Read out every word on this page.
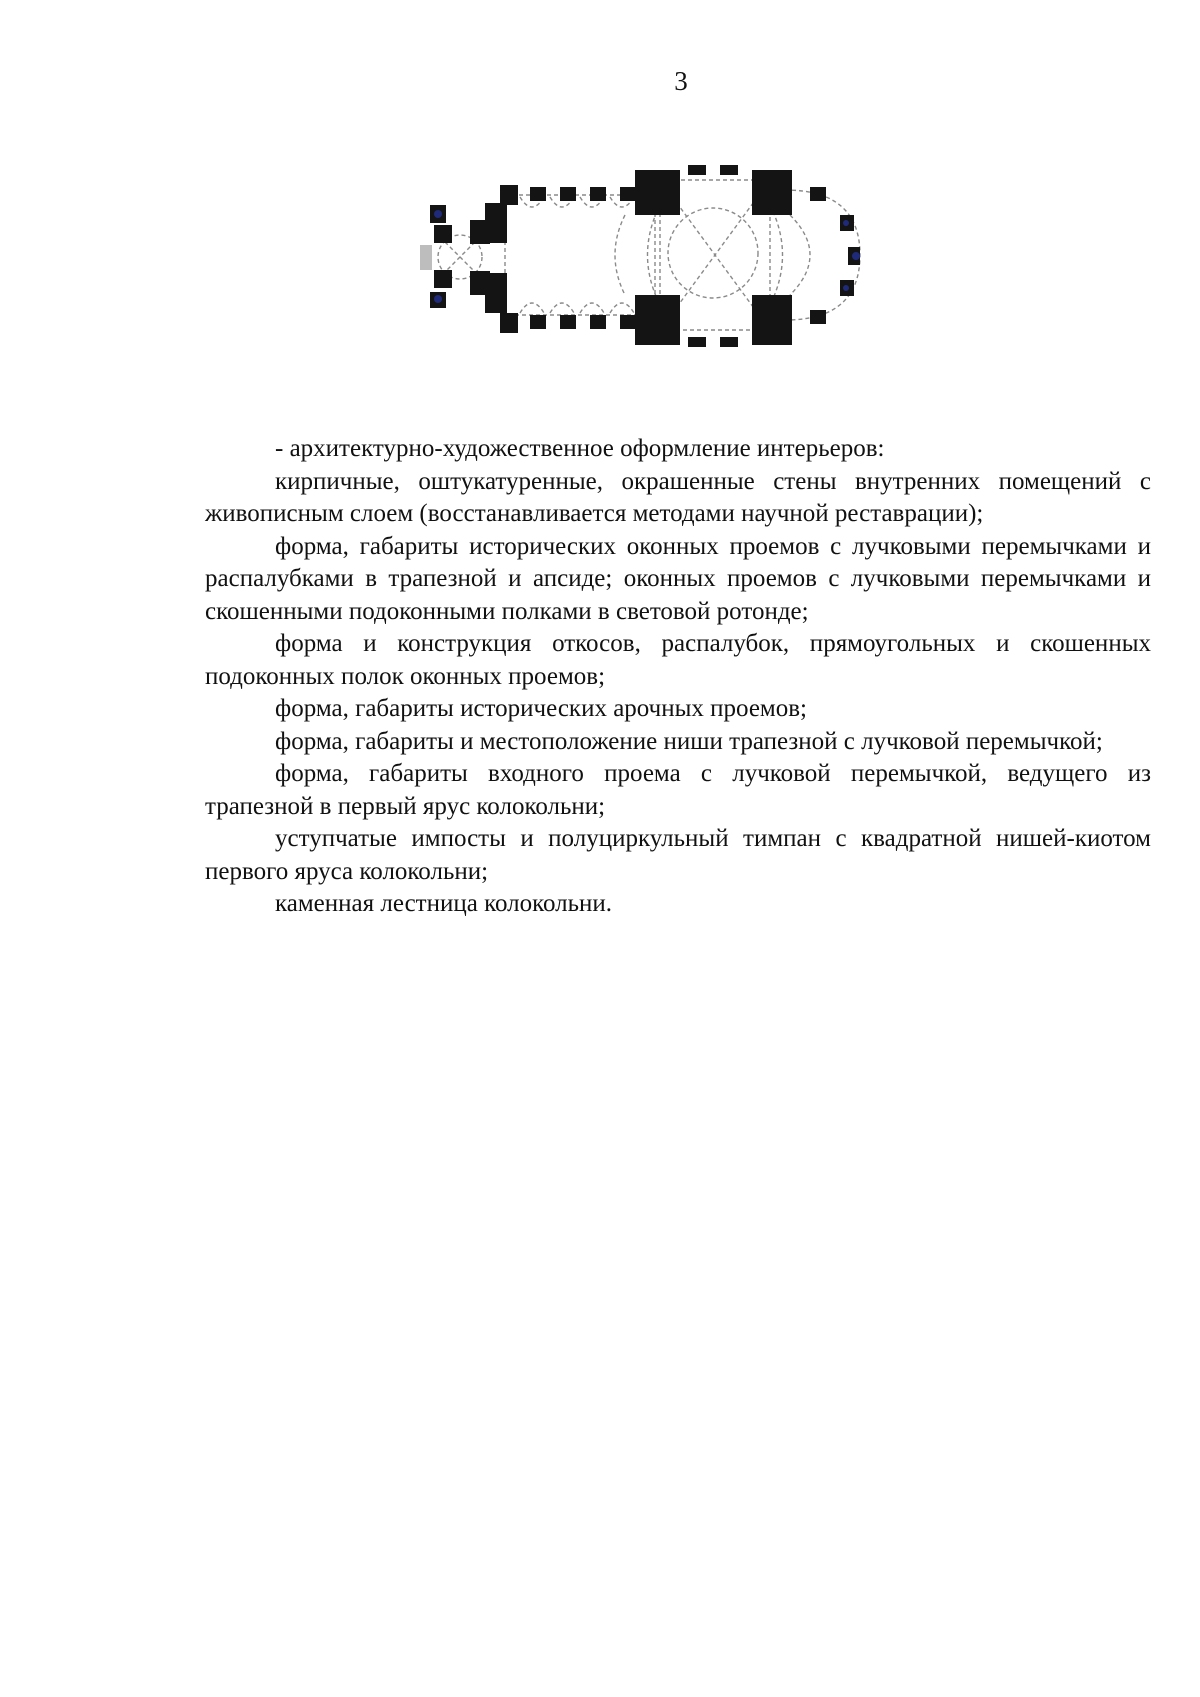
3

- архитектурно-художественное оформление интерьеров:

кирпичные, оштукатуренные, окрашенные стены внутренних помещений с живописным слоем (восстанавливается методами научной реставрации);

форма, габариты исторических оконных проемов с лучковыми перемычками и распалубками в трапезной и апсиде; оконных проемов с лучковыми перемычками и скошенными подоконными полками в световой ротонде;

форма и конструкция откосов, распалубок, прямоугольных и скошенных подоконных полок оконных проемов;

форма, габариты исторических арочных проемов;

форма, габариты и местоположение ниши трапезной с лучковой перемычкой;

форма, габариты входного проема с лучковой перемычкой, ведущего из трапезной в первый ярус колокольни;

уступчатые импосты и полуциркульный тимпан с квадратной нишей-киотом первого яруса колокольни;

каменная лестница колокольни.
